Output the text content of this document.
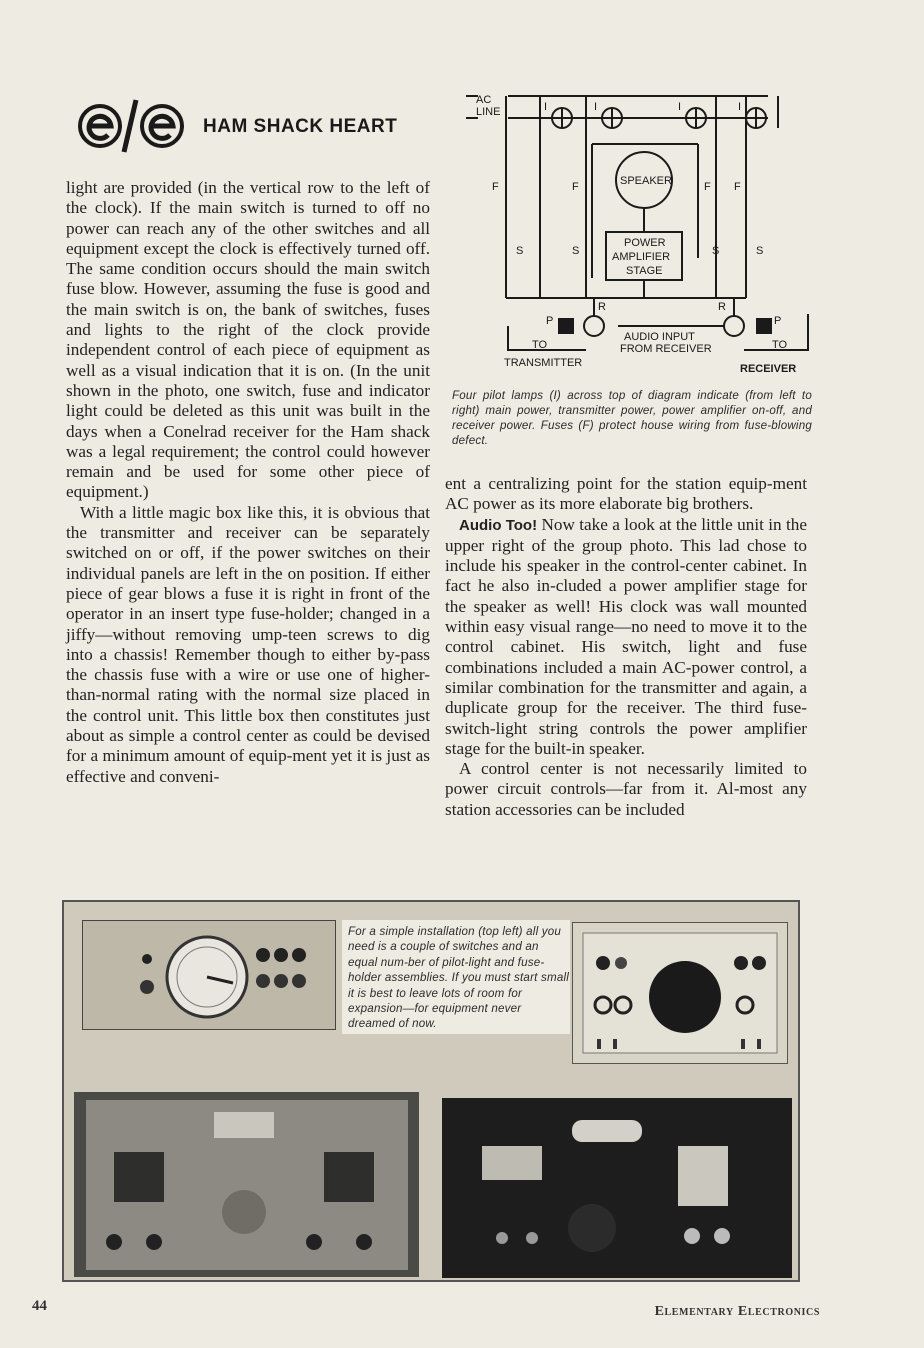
HAM SHACK HEART

light are provided (in the vertical row to the left of the clock). If the main switch is turned to off no power can reach any of the other switches and all equipment except the clock is effectively turned off. The same condition occurs should the main switch fuse blow. However, assuming the fuse is good and the main switch is on, the bank of switches, fuses and lights to the right of the clock provide independent control of each piece of equipment as well as a visual indication that it is on. (In the unit shown in the photo, one switch, fuse and indicator light could be deleted as this unit was built in the days when a Conelrad receiver for the Ham shack was a legal requirement; the control could however remain and be used for some other piece of equipment.)

With a little magic box like this, it is obvious that the transmitter and receiver can be separately switched on or off, if the power switches on their individual panels are left in the on position. If either piece of gear blows a fuse it is right in front of the operator in an insert type fuse-holder; changed in a jiffy—without removing ump-teen screws to dig into a chassis! Remember though to either by-pass the chassis fuse with a wire or use one of higher-than-normal rating with the normal size placed in the control unit. This little box then constitutes just about as simple a control center as could be devised for a minimum amount of equip-ment yet it is just as effective and conveni-

AC
LINE	I	I	I	I
F	F	F F
S	S	S	S
SPEAKER
POWER
AMPLIFIER
STAGE
P	P
R	R
AUDIO INPUT
FROM RECEIVER
TO
TRANSMITTER
TO
RECEIVER
Four pilot lamps (I) across top of diagram indicate (from left to right) main power, transmitter power, power amplifier on-off, and receiver power. Fuses (F) protect house wiring from fuse-blowing defect.

ent a centralizing point for the station equip-ment AC power as its more elaborate big brothers.

Audio Too! Now take a look at the little unit in the upper right of the group photo. This lad chose to include his speaker in the control-center cabinet. In fact he also in-cluded a power amplifier stage for the speaker as well! His clock was wall mounted within easy visual range—no need to move it to the control cabinet. His switch, light and fuse combinations included a main AC-power control, a similar combination for the transmitter and again, a duplicate group for the receiver. The third fuse-switch-light string controls the power amplifier stage for the built-in speaker.

A control center is not necessarily limited to power circuit controls—far from it. Al-most any station accessories can be included

For a simple installation (top left) all you need is a couple of switches and an equal num-ber of pilot-light and fuse-holder assemblies. If you must start small it is best to leave lots of room for expansion—for equipment never dreamed of now.
44	Elementary Electronics
